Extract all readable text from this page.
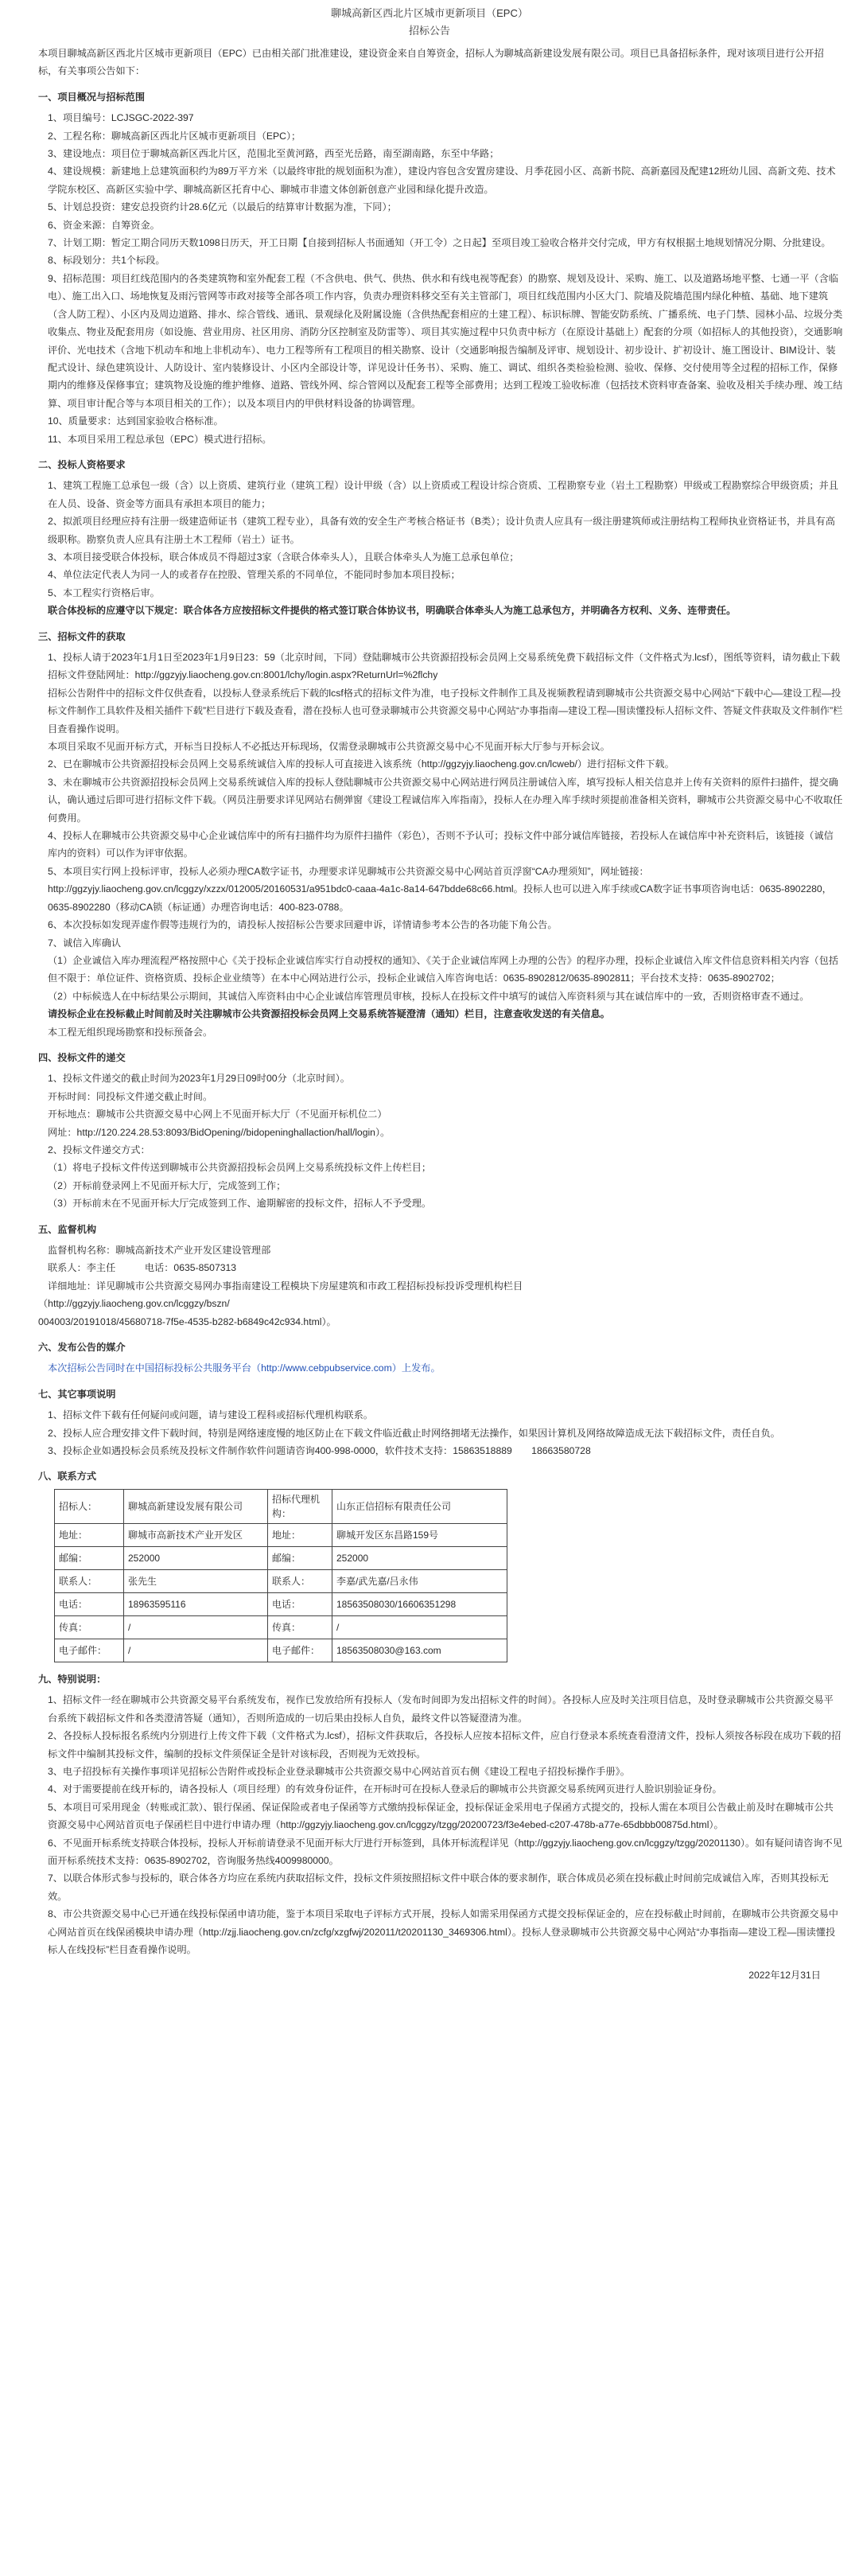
聊城高新区西北片区城市更新项目（EPC）

招标公告

本项目聊城高新区西北片区城市更新项目（EPC）已由相关部门批准建设，建设资金来自自筹资金，招标人为聊城高新建设发展有限公司。项目已具备招标条件，现对该项目进行公开招标，有关事项公告如下：

一、项目概况与招标范围

1、项目编号：LCJSGC-2022-397

2、工程名称：聊城高新区西北片区城市更新项目（EPC）；

3、建设地点：项目位于聊城高新区西北片区，范围北至黄河路，西至光岳路，南至湖南路，东至中华路；

4、建设规模：新建地上总建筑面积约为89万平方米（以最终审批的规划面积为准），建设内容包含安置房建设、月季花园小区、高新书院、高新嘉园及配建12班幼儿园、高新文苑、技术学院东校区、高新区实验中学、聊城高新区托育中心、聊城市非遗文体创新创意产业园和绿化提升改造。

5、计划总投资：建安总投资约计28.6亿元（以最后的结算审计数据为准，下同）；

6、资金来源：自筹资金。

7、计划工期：暂定工期合同历天数1098日历天，开工日期【自接到招标人书面通知（开工令）之日起】至项目竣工验收合格并交付完成，甲方有权根据土地规划情况分期、分批建设。

8、标段划分：共1个标段。

9、招标范围：项目红线范围内的各类建筑物和室外配套工程（不含供电、供气、供热、供水和有线电视等配套）的勘察、规划及设计、采购、施工、以及道路场地平整、七通一平（含临电）、施工出入口、场地恢复及雨污管网等市政对接等全部各项工作内容，负责办理资料移交至有关主管部门，项目红线范围内小区大门、院墙及院墙范围内绿化种植、基础、地下建筑（含人防工程）、小区内及周边道路、排水、综合管线、通讯、景观绿化及附属设施（含供热配套相应的土建工程）、标识标牌、智能安防系统、广播系统、电子门禁、园林小品、垃圾分类收集点、物业及配套用房（如设施、营业用房、社区用房、消防分区控制室及防雷等）、项目其实施过程中只负责中标方（在原设计基础上）配套的分项（如招标人的其他投资），交通影响评价、光电技术（含地下机动车和地上非机动车）、电力工程等所有工程项目的相关勘察、设计（交通影响报告编制及评审、规划设计、初步设计、扩初设计、施工图设计、BIM设计、装配式设计、绿色建筑设计、人防设计、室内装修设计、小区内全部设计等，详见设计任务书）、采购、施工、调试、组织各类检验检测、验收、保修、交付使用等全过程的招标工作，保修期内的维修及保修事宜；建筑物及设施的维护维修、道路、管线外网、综合管网以及配套工程等全部费用；达到工程竣工验收标准（包括技术资料审查备案、验收及相关手续办理、竣工结算、项目审计配合等与本项目相关的工作）；以及本项目内的甲供材料设备的协调管理。

10、质量要求：达到国家验收合格标准。

11、本项目采用工程总承包（EPC）模式进行招标。

二、投标人资格要求

1、建筑工程施工总承包一级（含）以上资质、建筑行业（建筑工程）设计甲级（含）以上资质或工程设计综合资质、工程勘察专业（岩土工程勘察）甲级或工程勘察综合甲级资质；并且在人员、设备、资金等方面具有承担本项目的能力；

2、拟派项目经理应持有注册一级建造师证书（建筑工程专业），具备有效的安全生产考核合格证书（B类）；设计负责人应具有一级注册建筑师或注册结构工程师执业资格证书，并具有高级职称。勘察负责人应具有注册土木工程师（岩土）证书。

3、本项目接受联合体投标，联合体成员不得超过3家（含联合体牵头人），且联合体牵头人为施工总承包单位；

4、单位法定代表人为同一人的或者存在控股、管理关系的不同单位，不能同时参加本项目投标；

5、本工程实行资格后审。

联合体投标的应遵守以下规定：联合体各方应按招标文件提供的格式签订联合体协议书，明确联合体牵头人为施工总承包方，并明确各方权利、义务、连带责任。

三、招标文件的获取

1、投标人请于2023年1月1日至2023年1月9日23：59（北京时间，下同）登陆聊城市公共资源招投标会员网上交易系统免费下载招标文件（文件格式为.lcsf），图纸等资料，请勿截止下载招标文件登陆网址：http://ggzyjy.liaocheng.gov.cn:8001/lchy/login.aspx?ReturnUrl=%2flchy

招标公告附件中的招标文件仅供查看，以投标人登录系统后下载的lcsf格式的招标文件为准，电子投标文件制作工具及视频教程请到聊城市公共资源交易中心网站“下载中心—建设工程—投标文件制作工具软件及相关插件下载”栏目进行下载及查看，潜在投标人也可登录聊城市公共资源交易中心网站“办事指南—建设工程—围读懂投标人招标文件、答疑文件获取及文件制作”栏目查看操作说明。

本项目采取不见面开标方式，开标当日投标人不必抵达开标现场，仅需登录聊城市公共资源交易中心不见面开标大厅参与开标会议。

2、已在聊城市公共资源招投标会员网上交易系统诚信入库的投标人可直接进入该系统（http://ggzyjy.liaocheng.gov.cn/lcweb/）进行招标文件下载。

3、未在聊城市公共资源招投标会员网上交易系统诚信入库的投标人登陆聊城市公共资源交易中心网站进行网员注册诚信入库，填写投标人相关信息并上传有关资料的原件扫描件，提交确认，确认通过后即可进行招标文件下载。（网员注册要求详见网站右侧弹窗《建设工程诚信库入库指南》，投标人在办理入库手续时须提前准备相关资料，聊城市公共资源交易中心不收取任何费用。

4、投标人在聊城市公共资源交易中心企业诚信库中的所有扫描件均为原件扫描件（彩色），否则不予认可；投标文件中部分诚信库链接，若投标人在诚信库中补充资料后，该链接（诚信库内的资料）可以作为评审依据。

5、本项目实行网上投标评审，投标人必须办理CA数字证书，办理要求详见聊城市公共资源交易中心网站首页浮窗“CA办理须知”，网址链接：http://ggzyjy.liaocheng.gov.cn/lcggzy/xzzx/012005/20160531/a951bdc0-caaa-4a1c-8a14-647bdde68c66.html。投标人也可以进入库手续或CA数字证书事项咨询电话：0635-8902280，0635-8902280（移动CA锁（标证通）办理咨询电话：400-823-0788。

6、本次投标如发现弄虚作假等违规行为的，请投标人按招标公告要求回避申诉，详情请参考本公告的各功能下角公告。

7、诚信入库确认

（1）企业诚信入库办理流程严格按照中心《关于投标企业诚信库实行自动授权的通知》、《关于企业诚信库网上办理的公告》的程序办理，投标企业诚信入库文件信息资料相关内容（包括但不限于：单位证件、资格资质、投标企业业绩等）在本中心网站进行公示，投标企业诚信入库咨询电话：0635-8902812/0635-8902811；平台技术支持：0635-8902702；

（2）中标候选人在中标结果公示期间，其诚信入库资料由中心企业诚信库管理员审核，投标人在投标文件中填写的诚信入库资料须与其在诚信库中的一致，否则资格审查不通过。

请投标企业在投标截止时间前及时关注聊城市公共资源招投标会员网上交易系统答疑澄清（通知）栏目，注意查收发送的有关信息。

本工程无组织现场勘察和投标预备会。

四、投标文件的递交

1、投标文件递交的截止时间为2023年1月29日09时00分（北京时间）。

开标时间：同投标文件递交截止时间。

开标地点：聊城市公共资源交易中心网上不见面开标大厅（不见面开标机位二）

网址：http://120.224.28.53:8093/BidOpening//bidopeninghallaction/hall/login）。

2、投标文件递交方式：

（1）将电子投标文件传送到聊城市公共资源招投标会员网上交易系统投标文件上传栏目；

（2）开标前登录网上不见面开标大厅，完成签到工作；

（3）开标前未在不见面开标大厅完成签到工作、逾期解密的投标文件，招标人不予受理。

五、监督机构

监督机构名称：聊城高新技术产业开发区建设管理部

联系人：李主任　　　电话：0635-8507313

详细地址：详见聊城市公共资源交易网办事指南建设工程模块下房屋建筑和市政工程招标投标投诉受理机构栏目

（http://ggzyjy.liaocheng.gov.cn/lcggzy/bszn/

004003/20191018/45680718-7f5e-4535-b282-b6849c42c934.html）。

六、发布公告的媒介

本次招标公告同时在中国招标投标公共服务平台（http://www.cebpubservice.com）上发布。

七、其它事项说明

1、招标文件下载有任何疑问或问题，请与建设工程科或招标代理机构联系。

2、投标人应合理安排文件下载时间，特别是网络速度慢的地区防止在下载文件临近截止时网络拥堵无法操作，如果因计算机及网络故障造成无法下载招标文件，责任自负。

3、投标企业如遇投标会员系统及投标文件制作软件问题请咨询400-998-0000，软件技术支持：15863518889　　18663580728

八、联系方式

招标人：	聊城高新建设发展有限公司	招标代理机构：	山东正信招标有限责任公司
地址：	聊城市高新技术产业开发区	地址：	聊城开发区东昌路159号
邮编：	252000	邮编：	252000
联系人：	张先生	联系人：	李嘉/武先嘉/吕永伟
电话：	18963595116	电话：	18563508030/16606351298
传真：	/	传真：	/
电子邮件：	/	电子邮件：	18563508030@163.com

九、特别说明：

1、招标文件一经在聊城市公共资源交易平台系统发布，视作已发放给所有投标人（发布时间即为发出招标文件的时间）。各投标人应及时关注项目信息，及时登录聊城市公共资源交易平台系统下载招标文件和各类澄清答疑（通知），否则所造成的一切后果由投标人自负，最终文件以答疑澄清为准。

2、各投标人投标报名系统内分别进行上传文件下载（文件格式为.lcsf），招标文件获取后，各投标人应按本招标文件，应自行登录本系统查看澄清文件，投标人须按各标段在成功下载的招标文件中编制其投标文件，编制的投标文件须保证全是针对该标段，否则视为无效投标。

3、电子招投标有关操作事项详见招标公告附件或投标企业登录聊城市公共资源交易中心网站首页右侧《建设工程电子招投标操作手册》。

4、对于需要提前在线开标的，请各投标人（项目经理）的有效身份证件，在开标时可在投标人登录后的聊城市公共资源交易系统网页进行人脸识别验证身份。

5、本项目可采用现金（转账或汇款）、银行保函、保证保险或者电子保函等方式缴纳投标保证金，投标保证金采用电子保函方式提交的，投标人需在本项目公告截止前及时在聊城市公共资源交易中心网站首页电子保函栏目中进行申请办理（http://ggzyjy.liaocheng.gov.cn/lcggzy/tzgg/20200723/f3e4ebed-c207-478b-a77e-65dbbb00875d.html）。

6、不见面开标系统支持联合体投标，投标人开标前请登录不见面开标大厅进行开标签到，具体开标流程详见（http://ggzyjy.liaocheng.gov.cn/lcggzy/tzgg/20201130）。如有疑问请咨询不见面开标系统技术支持：0635-8902702，咨询服务热线4009980000。

7、以联合体形式参与投标的，联合体各方均应在系统内获取招标文件，投标文件须按照招标文件中联合体的要求制作，联合体成员必须在投标截止时间前完成诚信入库，否则其投标无效。

8、市公共资源交易中心已开通在线投标保函申请功能，鉴于本项目采取电子评标方式开展，投标人如需采用保函方式提交投标保证金的，应在投标截止时间前，在聊城市公共资源交易中心网站首页在线保函模块申请办理（http://zjj.liaocheng.gov.cn/zcfg/xzgfwj/202011/t20201130_3469306.html）。投标人登录聊城市公共资源交易中心网站“办事指南—建设工程—围读懂投标人在线投标”栏目查看操作说明。

2022年12月31日
